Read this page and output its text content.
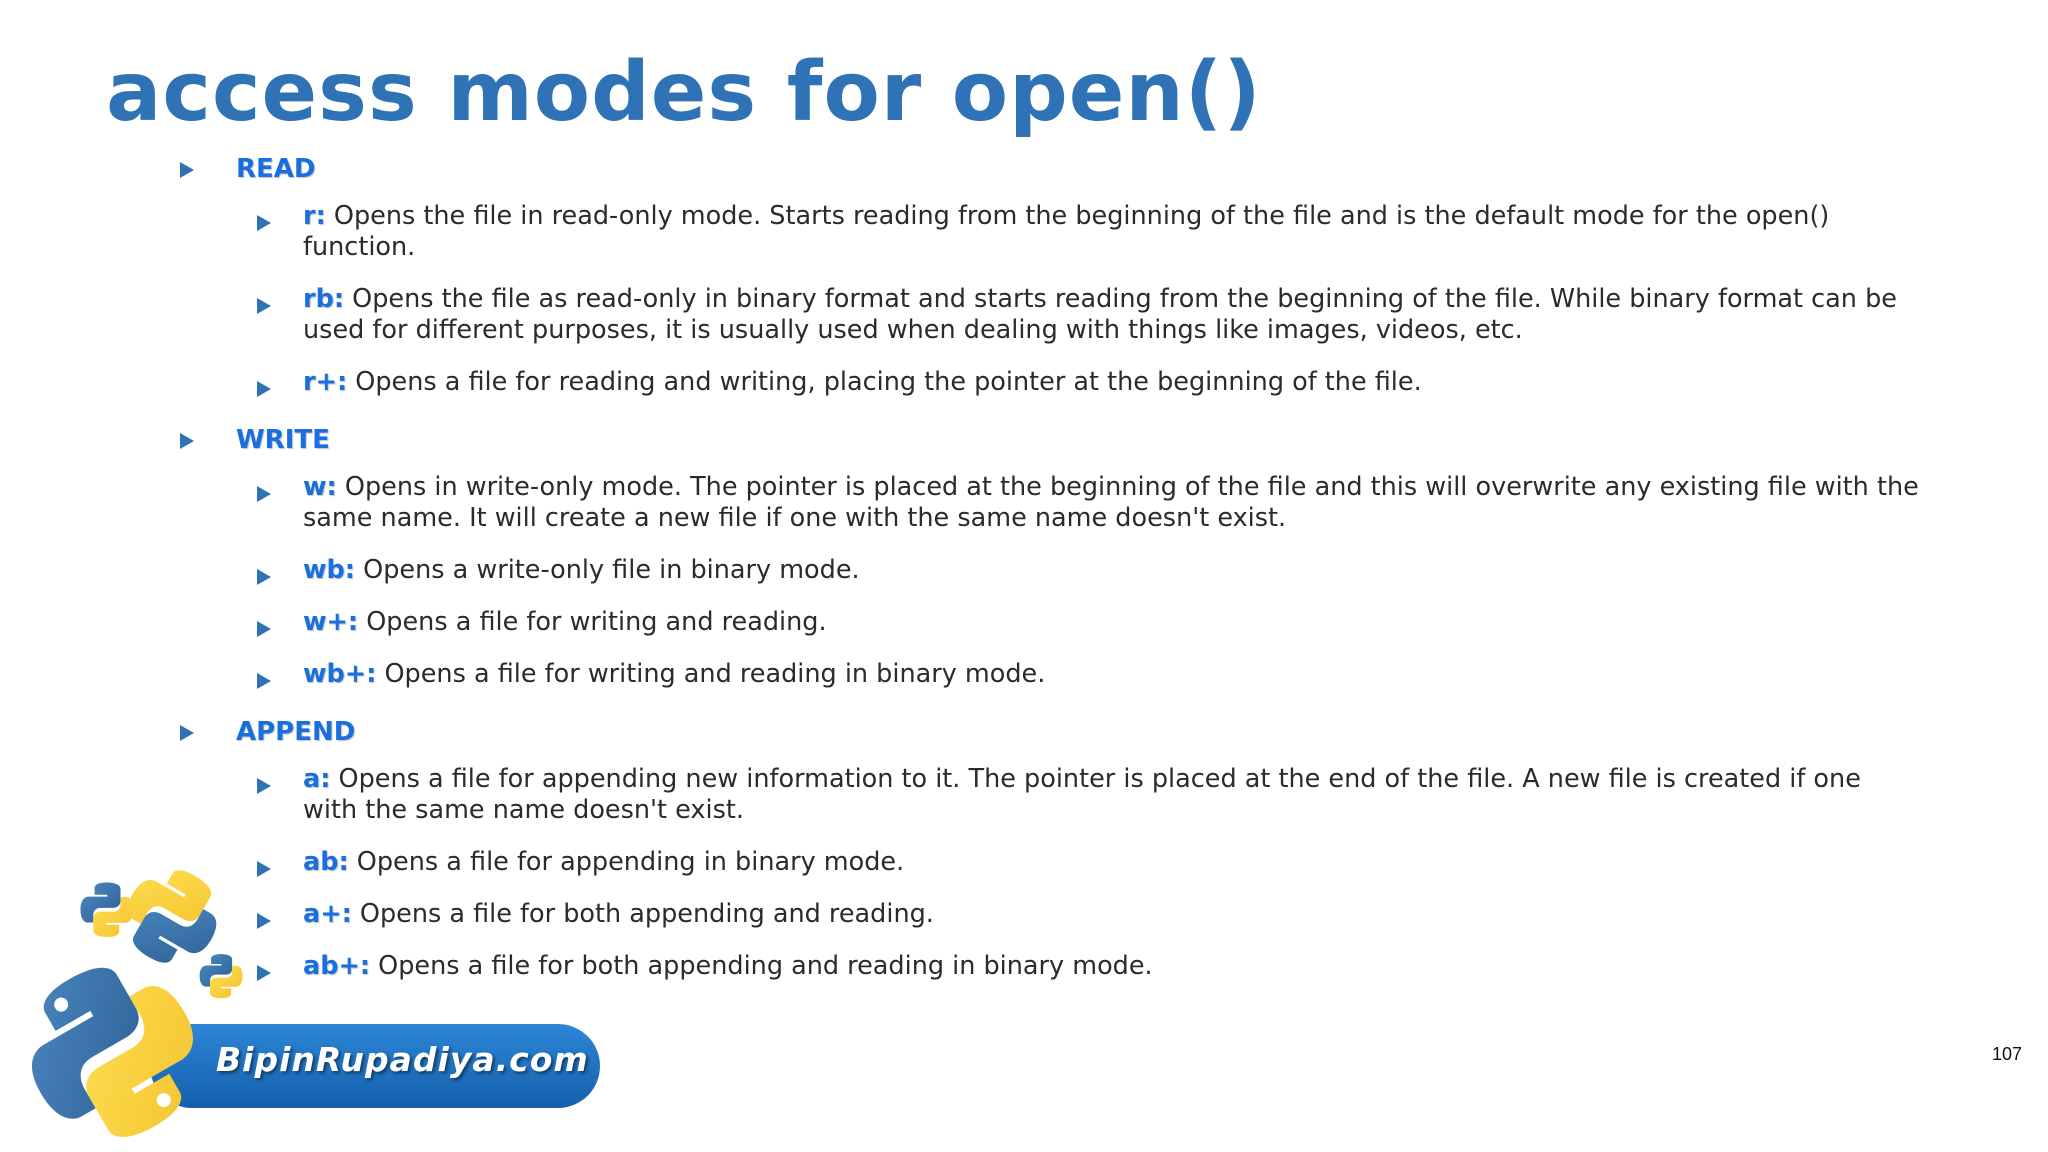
access modes for open()
READ
r: Opens the file in read-only mode. Starts reading from the beginning of the file and is the default mode for the open() function.
rb: Opens the file as read-only in binary format and starts reading from the beginning of the file. While binary format can be used for different purposes, it is usually used when dealing with things like images, videos, etc.
r+: Opens a file for reading and writing, placing the pointer at the beginning of the file.
WRITE
w: Opens in write-only mode. The pointer is placed at the beginning of the file and this will overwrite any existing file with the same name. It will create a new file if one with the same name doesn't exist.
wb: Opens a write-only file in binary mode.
w+: Opens a file for writing and reading.
wb+: Opens a file for writing and reading in binary mode.
APPEND
a: Opens a file for appending new information to it. The pointer is placed at the end of the file. A new file is created if one with the same name doesn't exist.
ab: Opens a file for appending in binary mode.
a+: Opens a file for both appending and reading.
ab+: Opens a file for both appending and reading in binary mode.
BipinRupadiya.com	107
